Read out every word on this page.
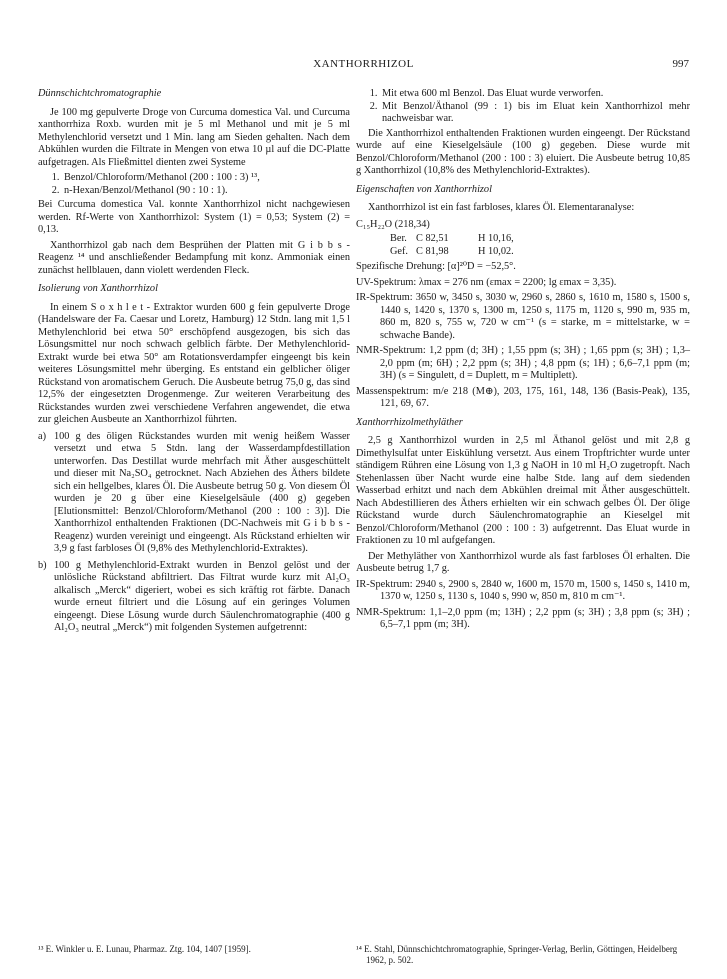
XANTHORRHIZOL	997
Dünnschichtchromatographie

Je 100 mg gepulverte Droge von Curcuma domestica Val. und Curcuma xanthorrhiza Roxb. wurden mit je 5 ml Methanol und mit je 5 ml Methylenchlorid versetzt und 1 Min. lang am Sieden gehalten. Nach dem Abkühlen wurden die Filtrate in Mengen von etwa 10 µl auf die DC-Platte aufgetragen. Als Fließmittel dienten zwei Systeme

1. Benzol/Chloroform/Methanol (200 : 100 : 3) ¹³,
2. n-Hexan/Benzol/Methanol (90 : 10 : 1).

Bei Curcuma domestica Val. konnte Xanthorrhizol nicht nachgewiesen werden. Rf-Werte von Xanthorrhizol: System (1) = 0,53; System (2) = 0,13.

Xanthorrhizol gab nach dem Besprühen der Platten mit G i b b s - Reagenz ¹⁴ und anschließender Bedampfung mit konz. Ammoniak einen zunächst hellblauen, dann violett werdenden Fleck.

Isolierung von Xanthorrhizol

In einem S o x h l e t - Extraktor wurden 600 g fein gepulverte Droge (Handelsware der Fa. Caesar und Loretz, Hamburg) 12 Stdn. lang mit 1,5 l Methylenchlorid bei etwa 50° erschöpfend ausgezogen, bis sich das Lösungsmittel nur noch schwach gelblich färbte. Der Methylenchlorid-Extrakt wurde bei etwa 50° am Rotationsverdampfer eingeengt bis kein weiteres Lösungsmittel mehr überging. Es entstand ein gelblicher öliger Rückstand von aromatischem Geruch. Die Ausbeute betrug 75,0 g, das sind 12,5% der eingesetzten Drogenmenge. Zur weiteren Verarbeitung des Rückstandes wurden zwei verschiedene Verfahren angewendet, die etwa zur gleichen Ausbeute an Xanthorrhizol führten.

a) 100 g des öligen Rückstandes wurden mit wenig heißem Wasser versetzt und etwa 5 Stdn. lang der Wasserdampfdestillation unterworfen. Das Destillat wurde mehrfach mit Äther ausgeschüttelt und dieser mit Na₂SO₄ getrocknet. Nach Abziehen des Äthers bildete sich ein hellgelbes, klares Öl. Die Ausbeute betrug 50 g. Von diesem Öl wurden je 20 g über eine Kieselgelsäule (400 g) gegeben [Elutionsmittel: Benzol/Chloroform/Methanol (200 : 100 : 3)]. Die Xanthorrhizol enthaltenden Fraktionen (DC-Nachweis mit G i b b s - Reagenz) wurden vereinigt und eingeengt. Als Rückstand erhielten wir 3,9 g fast farbloses Öl (9,8% des Methylenchlorid-Extraktes).
b) 100 g Methylenchlorid-Extrakt wurden in Benzol gelöst und der unlösliche Rückstand abfiltriert. Das Filtrat wurde kurz mit Al₂O₃ alkalisch „Merck“ digeriert, wobei es sich kräftig rot färbte. Danach wurde erneut filtriert und die Lösung auf ein geringes Volumen eingeengt. Diese Lösung wurde durch Säulenchromatographie (400 g Al₂O₃ neutral „Merck“) mit folgenden Systemen aufgetrennt:
1. Mit etwa 600 ml Benzol. Das Eluat wurde verworfen.
2. Mit Benzol/Äthanol (99 : 1) bis im Eluat kein Xanthorrhizol mehr nachweisbar war.

Die Xanthorrhizol enthaltenden Fraktionen wurden eingeengt. Der Rückstand wurde auf eine Kieselgelsäule (100 g) gegeben. Diese wurde mit Benzol/Chloroform/Methanol (200 : 100 : 3) eluiert. Die Ausbeute betrug 10,85 g Xanthorrhizol (10,8% des Methylenchlorid-Extraktes).

Eigenschaften von Xanthorrhizol

Xanthorrhizol ist ein fast farbloses, klares Öl. Elementaranalyse:

C₁₅H₂₂O (218,34)
Ber. C 82,51	H 10,16,
Gef. C 81,98	H 10,02.
Spezifische Drehung: [α]²⁰D = −52,5°.
UV-Spektrum: λmax = 276 nm (εmax = 2200; lg εmax = 3,35).
IR-Spektrum: 3650 w, 3450 s, 3030 w, 2960 s, 2860 s, 1610 m, 1580 s, 1500 s, 1440 s, 1420 s, 1370 s, 1300 m, 1250 s, 1175 m, 1120 s, 990 m, 935 m, 860 m, 820 s, 755 w, 720 w cm⁻¹ (s = starke, m = mittelstarke, w = schwache Bande).
NMR-Spektrum: 1,2 ppm (d; 3H) ; 1,55 ppm (s; 3H) ; 1,65 ppm (s; 3H) ; 1,3–2,0 ppm (m; 6H) ; 2,2 ppm (s; 3H) ; 4,8 ppm (s; 1H) ; 6,6–7,1 ppm (m; 3H) (s = Singulett, d = Duplett, m = Multiplett).
Massenspektrum: m/e 218 (M⊕), 203, 175, 161, 148, 136 (Basis-Peak), 135, 121, 69, 67.
Xanthorrhizolmethyläther

2,5 g Xanthorrhizol wurden in 2,5 ml Äthanol gelöst und mit 2,8 g Dimethylsulfat unter Eiskühlung versetzt. Aus einem Tropftrichter wurde unter ständigem Rühren eine Lösung von 1,3 g NaOH in 10 ml H₂O zugetropft. Nach Stehenlassen über Nacht wurde eine halbe Stde. lang auf dem siedenden Wasserbad erhitzt und nach dem Abkühlen dreimal mit Äther ausgeschüttelt. Nach Abdestillieren des Äthers erhielten wir ein schwach gelbes Öl. Der ölige Rückstand wurde durch Säulenchromatographie an Kieselgel mit Benzol/Chloroform/Methanol (200 : 100 : 3) aufgetrennt. Das Eluat wurde in Fraktionen zu 10 ml aufgefangen.

Der Methyläther von Xanthorrhizol wurde als fast farbloses Öl erhalten. Die Ausbeute betrug 1,7 g.

IR-Spektrum: 2940 s, 2900 s, 2840 w, 1600 m, 1570 m, 1500 s, 1450 s, 1410 m, 1370 w, 1250 s, 1130 s, 1040 s, 990 w, 850 m, 810 m cm⁻¹.
NMR-Spektrum: 1,1–2,0 ppm (m; 13H) ; 2,2 ppm (s; 3H) ; 3,8 ppm (s; 3H) ; 6,5–7,1 ppm (m; 3H).
¹³ E. Winkler u. E. Lunau, Pharmaz. Ztg. 104, 1407 [1959].	¹⁴ E. Stahl, Dünnschichtchromatographie, Springer-Verlag, Berlin, Göttingen, Heidelberg 1962, p. 502.
